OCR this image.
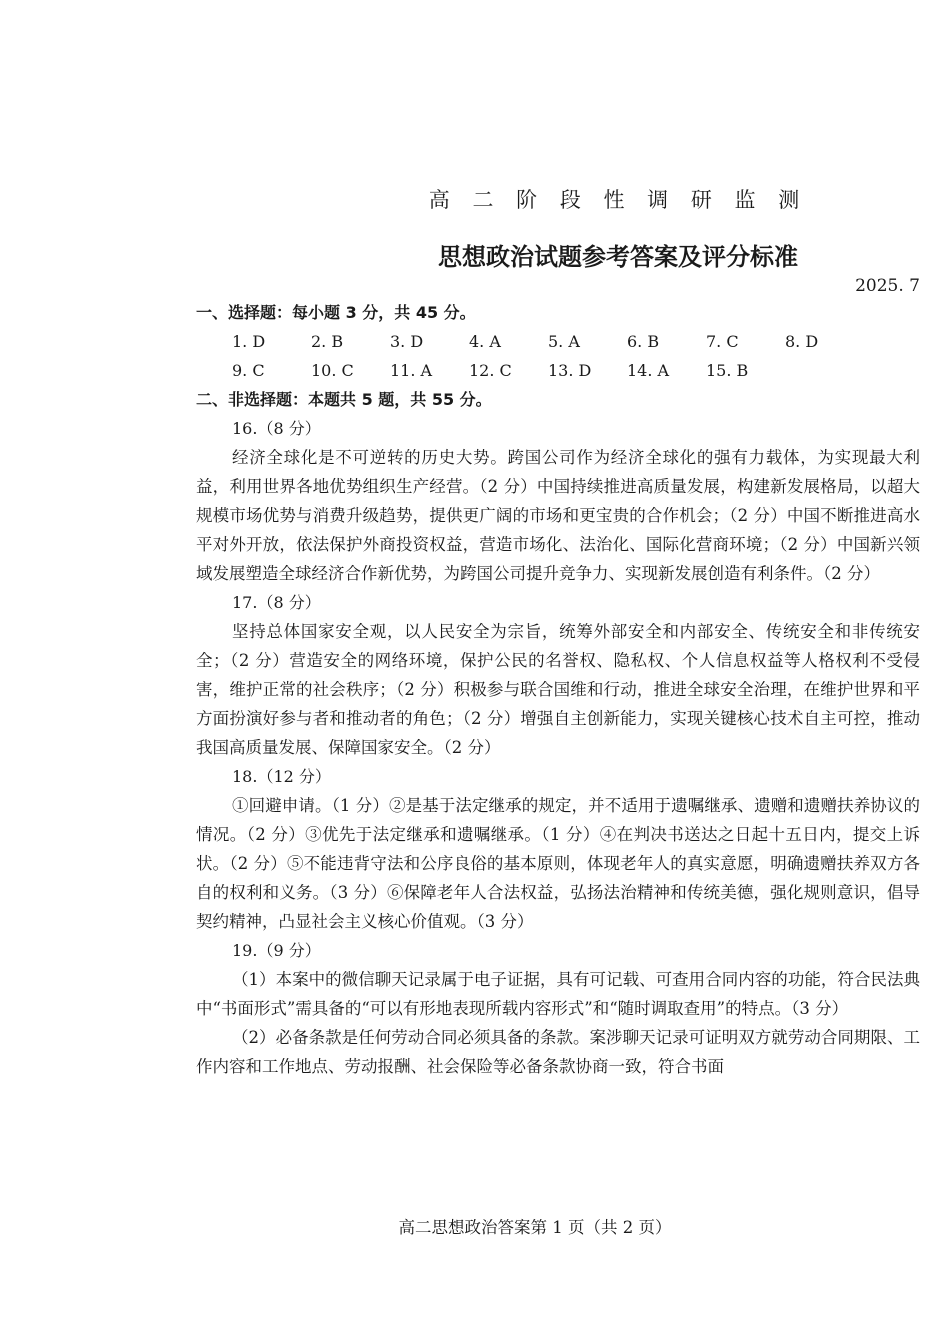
高 二 阶 段 性 调 研 监 测
思想政治试题参考答案及评分标准
2025. 7
一、选择题：每小题 3 分，共 45 分。
1. D	2. B	3. D	4. A	5. A	6. B	7. C	8. D
9. C	10. C	11. A	12. C	13. D	14. A	15. B
二、非选择题：本题共 5 题，共 55 分。
16.（8 分）

经济全球化是不可逆转的历史大势。跨国公司作为经济全球化的强有力载体，为实现最大利益，利用世界各地优势组织生产经营。（2 分）中国持续推进高质量发展，构建新发展格局，以超大规模市场优势与消费升级趋势，提供更广阔的市场和更宝贵的合作机会；（2 分）中国不断推进高水平对外开放，依法保护外商投资权益，营造市场化、法治化、国际化营商环境；（2 分）中国新兴领域发展塑造全球经济合作新优势，为跨国公司提升竞争力、实现新发展创造有利条件。（2 分）

17.（8 分）

坚持总体国家安全观，以人民安全为宗旨，统筹外部安全和内部安全、传统安全和非传统安全；（2 分）营造安全的网络环境，保护公民的名誉权、隐私权、个人信息权益等人格权利不受侵害，维护正常的社会秩序；（2 分）积极参与联合国维和行动，推进全球安全治理，在维护世界和平方面扮演好参与者和推动者的角色；（2 分）增强自主创新能力，实现关键核心技术自主可控，推动我国高质量发展、保障国家安全。（2 分）

18.（12 分）

①回避申请。（1 分）②是基于法定继承的规定，并不适用于遗嘱继承、遗赠和遗赠扶养协议的情况。（2 分）③优先于法定继承和遗嘱继承。（1 分）④在判决书送达之日起十五日内，提交上诉状。（2 分）⑤不能违背守法和公序良俗的基本原则，体现老年人的真实意愿，明确遗赠扶养双方各自的权利和义务。（3 分）⑥保障老年人合法权益，弘扬法治精神和传统美德，强化规则意识，倡导契约精神，凸显社会主义核心价值观。（3 分）

19.（9 分）

（1）本案中的微信聊天记录属于电子证据，具有可记载、可查用合同内容的功能，符合民法典中“书面形式”需具备的“可以有形地表现所载内容形式”和“随时调取查用”的特点。（3 分）

（2）必备条款是任何劳动合同必须具备的条款。案涉聊天记录可证明双方就劳动合同期限、工作内容和工作地点、劳动报酬、社会保险等必备条款协商一致，符合书面

高二思想政治答案第 1 页（共 2 页）
